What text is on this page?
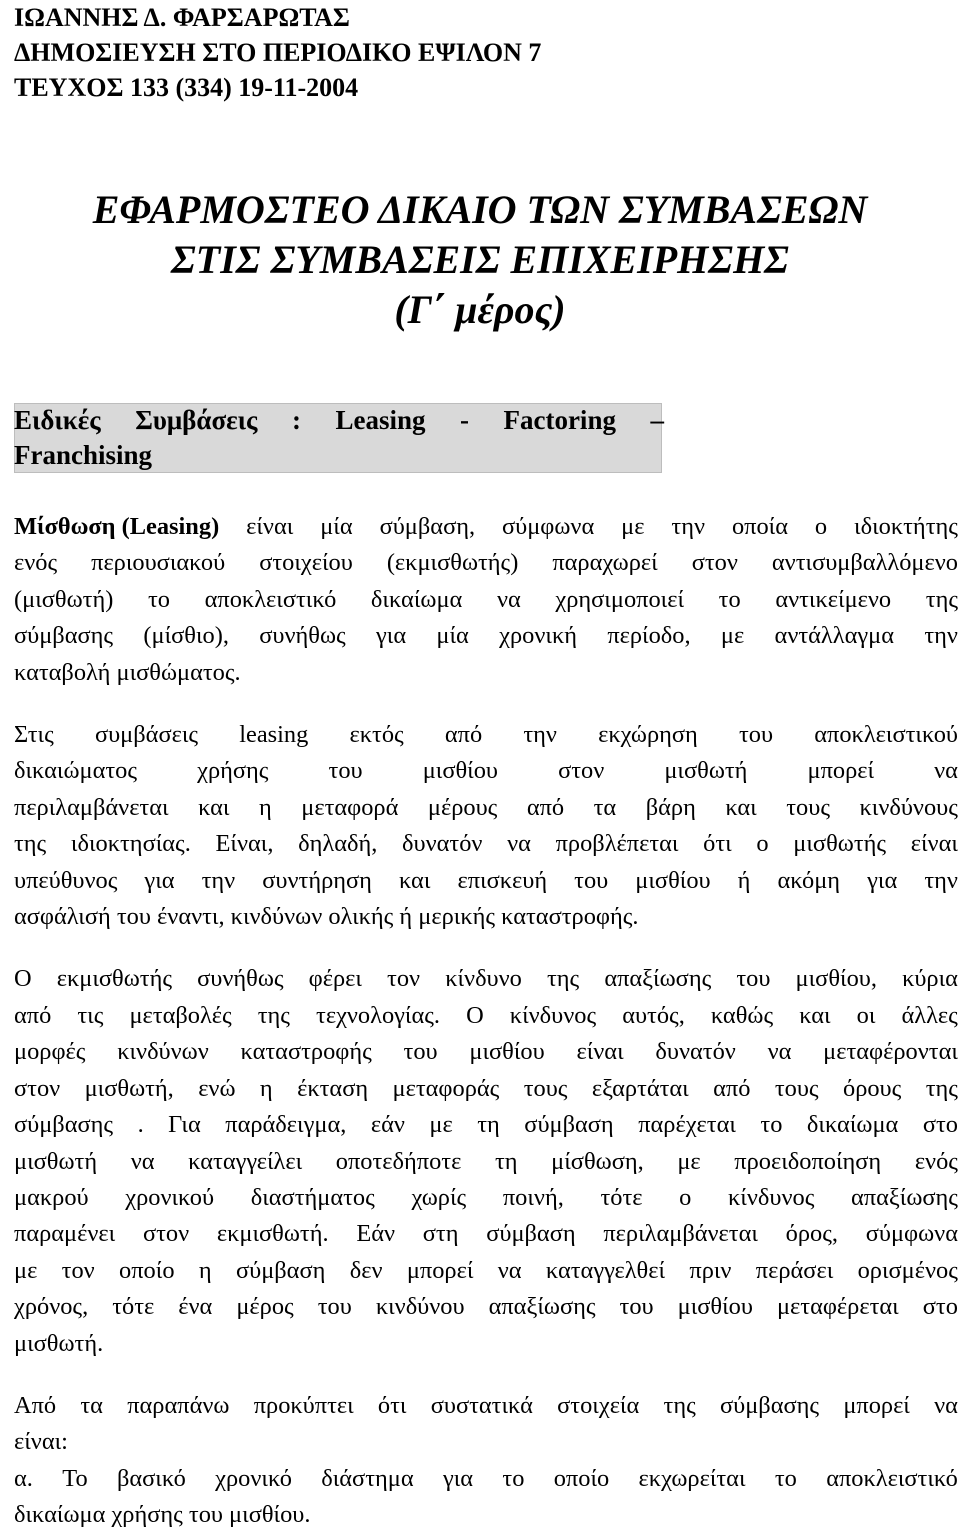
ΙΩΑΝΝΗΣ Δ. ΦΑΡΣΑΡΩΤΑΣ
ΔΗΜΟΣΙΕΥΣΗ ΣΤΟ ΠΕΡΙΟΔΙΚΟ ΕΨΙΛΟΝ 7
ΤΕΥΧΟΣ 133 (334) 19-11-2004
ΕΦΑΡΜΟΣΤΕΟ ΔΙΚΑΙΟ ΤΩΝ ΣΥΜΒΑΣΕΩΝ
ΣΤΙΣ ΣΥΜΒΑΣΕΙΣ ΕΠΙΧΕΙΡΗΣΗΣ
(Γ΄ μέρος)
Ειδικές Συμβάσεις : Leasing - Factoring –
Franchising
Μίσθωση (Leasing) είναι μία σύμβαση, σύμφωνα με την οποία ο ιδιοκτήτης
ενός περιουσιακού στοιχείου (εκμισθωτής) παραχωρεί στον αντισυμβαλλόμενο
(μισθωτή) το αποκλειστικό δικαίωμα να χρησιμοποιεί το αντικείμενο της
σύμβασης (μίσθιο), συνήθως για μία χρονική περίοδο, με αντάλλαγμα την
καταβολή μισθώματος.
Στις συμβάσεις leasing εκτός από την εκχώρηση του αποκλειστικού
δικαιώματος χρήσης του μισθίου στον μισθωτή μπορεί να
περιλαμβάνεται και η μεταφορά μέρους από τα βάρη και τους κινδύνους
της ιδιοκτησίας. Είναι, δηλαδή, δυνατόν να προβλέπεται ότι ο μισθωτής είναι
υπεύθυνος για την συντήρηση και επισκευή του μισθίου ή ακόμη για την
ασφάλισή του έναντι, κινδύνων ολικής ή μερικής καταστροφής.
Ο εκμισθωτής συνήθως φέρει τον κίνδυνο της απαξίωσης του μισθίου, κύρια
από τις μεταβολές της τεχνολογίας. Ο κίνδυνος αυτός, καθώς και οι άλλες
μορφές κινδύνων καταστροφής του μισθίου είναι δυνατόν να μεταφέρονται
στον μισθωτή, ενώ η έκταση μεταφοράς τους εξαρτάται από τους όρους της
σύμβασης . Για παράδειγμα, εάν με τη σύμβαση παρέχεται το δικαίωμα στο
μισθωτή να καταγγείλει οποτεδήποτε τη μίσθωση, με προειδοποίηση ενός
μακρού χρονικού διαστήματος χωρίς ποινή, τότε ο κίνδυνος απαξίωσης
παραμένει στον εκμισθωτή. Εάν στη σύμβαση περιλαμβάνεται όρος, σύμφωνα
με τον οποίο η σύμβαση δεν μπορεί να καταγγελθεί πριν περάσει ορισμένος
χρόνος, τότε ένα μέρος του κινδύνου απαξίωσης του μισθίου μεταφέρεται στο
μισθωτή.
Από τα παραπάνω προκύπτει ότι συστατικά στοιχεία της σύμβασης μπορεί να
είναι:
α. Το βασικό χρονικό διάστημα για το οποίο εκχωρείται το αποκλειστικό
δικαίωμα χρήσης του μισθίου.
